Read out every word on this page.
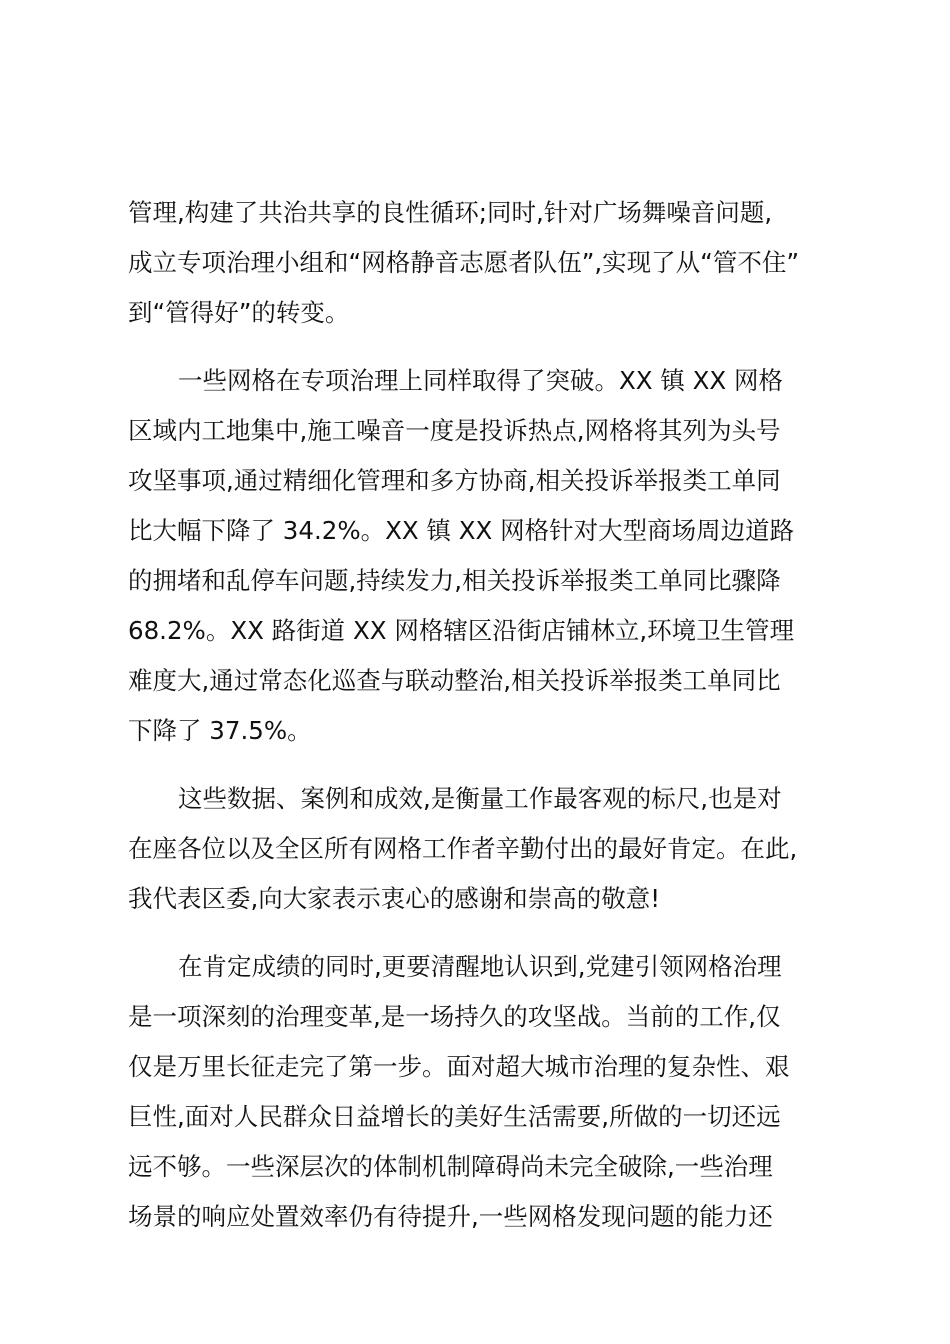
管理,构建了共治共享的良性循环;同时,针对广场舞噪音问题,
成立专项治理小组和“网格静音志愿者队伍”,实现了从“管不住”
到“管得好”的转变。
一些网格在专项治理上同样取得了突破。XX 镇 XX 网格
区域内工地集中,施工噪音一度是投诉热点,网格将其列为头号
攻坚事项,通过精细化管理和多方协商,相关投诉举报类工单同
比大幅下降了 34.2%。XX 镇 XX 网格针对大型商场周边道路
的拥堵和乱停车问题,持续发力,相关投诉举报类工单同比骤降
68.2%。XX 路街道 XX 网格辖区沿街店铺林立,环境卫生管理
难度大,通过常态化巡查与联动整治,相关投诉举报类工单同比
下降了 37.5%。
这些数据、案例和成效,是衡量工作最客观的标尺,也是对
在座各位以及全区所有网格工作者辛勤付出的最好肯定。在此,
我代表区委,向大家表示衷心的感谢和崇高的敬意!
在肯定成绩的同时,更要清醒地认识到,党建引领网格治理
是一项深刻的治理变革,是一场持久的攻坚战。当前的工作,仅
仅是万里长征走完了第一步。面对超大城市治理的复杂性、艰
巨性,面对人民群众日益增长的美好生活需要,所做的一切还远
远不够。一些深层次的体制机制障碍尚未完全破除,一些治理
场景的响应处置效率仍有待提升,一些网格发现问题的能力还
